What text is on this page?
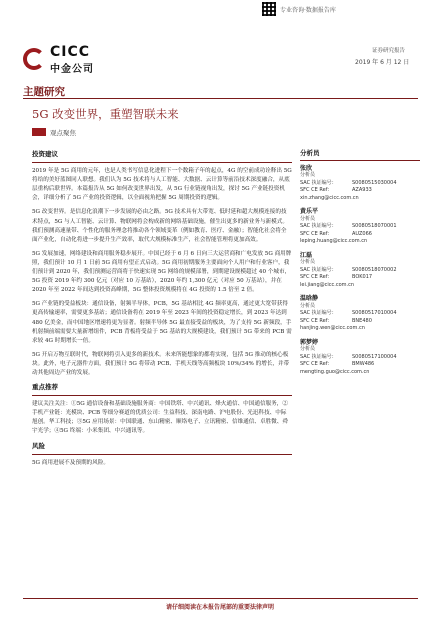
专业咨询·数据报告库
证券研究报告
2019 年 6 月 12 日
CICC
中金公司
主题研究
5G 改变世界，重塑智联未来
观点聚焦
投资建议

2019 年是 5G 商用的元年，也是人类书写信息化进程下一个数箱子年的起点，4G 的空前成功诠释出 5G 将给的美好蓝图同人联想。我们认为 5G 技术将与人工智能、大数据、云计算等前沿技术深度融合，从底层重构后联世界。本篇报告从 5G 如何改变世界出发，从 5G 行业链视角出发，探讨 5G 产业链投资机会，详细分析了 5G 产业的投资逻辑，以全面视角把握 5G 周期投资的逻辑。

5G 改变世界。是信息化浪潮下一步发展的必由之路。5G 技术具有大带宽、低时延和超大规模连接的技术特点，5G 与人工智能、云计算、物联网将会构成新的网络基础设施，催生出更多的新业务与新模式。我们预测高速量带、个性化的服务理念将推动各个领域变革（例如教育、医疗、金融）；智能化社会将全面产业化，自动化将进一步提升生产效率，取代大规模标准生产，社会智能管理将更加高效。

5G 发展加速，网络建设和商用服务稳步展开。中国已经于 6 月 6 日向三大运营商和广电发放 5G 商用牌照，我们预计 10 月 1 日前 5G 商用有望正式启动。5G 商用初期服务主要面向个人用户和行业客户，我们预计到 2020 年，我们预测运营商将于快速实现 5G 网络的规模部署，到期建设规模超过 40 个城市，5G 投资 2019 年约 300 亿元（对应 10 万基站），2020 年约 1,300 亿元（对应 50 万基站），并在 2020 年至 2022 年间达到投资高峰期，5G 整体投资规模将在 4G 投资的 1.5 倍至 2 倍。

5G 产业链的受益板块：通信设备，射频半导体，PCB，5G 基站相比 4G 频率更高，通过更大宽带获得更高传输速率，需要更多基站；通信设备将在 2019 年至 2023 年间的投资稳定增长，到 2023 年达到 480 亿美金，而中国地区增速将更为显著。射频半导体 5G 最直接受益的板块，为了支持 5G 新频段，手机射频前端需要大量新增组件，PCB 背板将受益于 5G 基站的大规模建设，我们预计 5G 带来的 PCB 需求较 4G 时期增长一倍。

5G 开启万物互联时代，物联网将引入更多的新技术。未来所能想象的都将实现，包括 5G 推动的核心板块。此外，电子元器件方面，我们预计 5G 将带动 PCB、手机天线等高频板块 10%/34% 的增长，并带动其他周边产业的发展。

重点推荐

建议关注关注：①5G 通信设备和基础设施服务商：中国铁塔、中兴通讯、烽火通信、中国通信服务，②手机产业链：光模块、PCB 等细分赛道的优质公司：生益科技、深南电路、沪电股份、光迅科技、中际旭创。华工科技；③5G 应用场景：中国联通、东山精密、顺络电子、立讯精密、信维通信、卓胜微、舜宇光学；④5G 终端：小米集团、中兴通讯等。

风险

5G 商用进展不及预期的风险。

分析员
张欣
分析员
SAC 执证编号：	S0080515030004
SFC CE Ref：	AZA933
xin.zhang@cicc.com.cn
黄乐平
分析员
SAC 执证编号：	S0080518070001
SFC CE Ref：	AUZ066
leping.huang@cicc.com.cn
江磊
分析员
SAC 执证编号：	S0080518070002
SFC CE Ref：	BOK017
lei.jiang@cicc.com.cn
温晗静
分析员
SAC 执证编号：	S0080517010004
SFC CE Ref：	BNE480
hanjing.wen@cicc.com.cn
郭梦婷
分析员
SAC 执证编号：	S0080517100004
SFC CE Ref：	BMW486
mengting.guo@cicc.com.cn
请仔细阅读在本报告尾部的重要法律声明
